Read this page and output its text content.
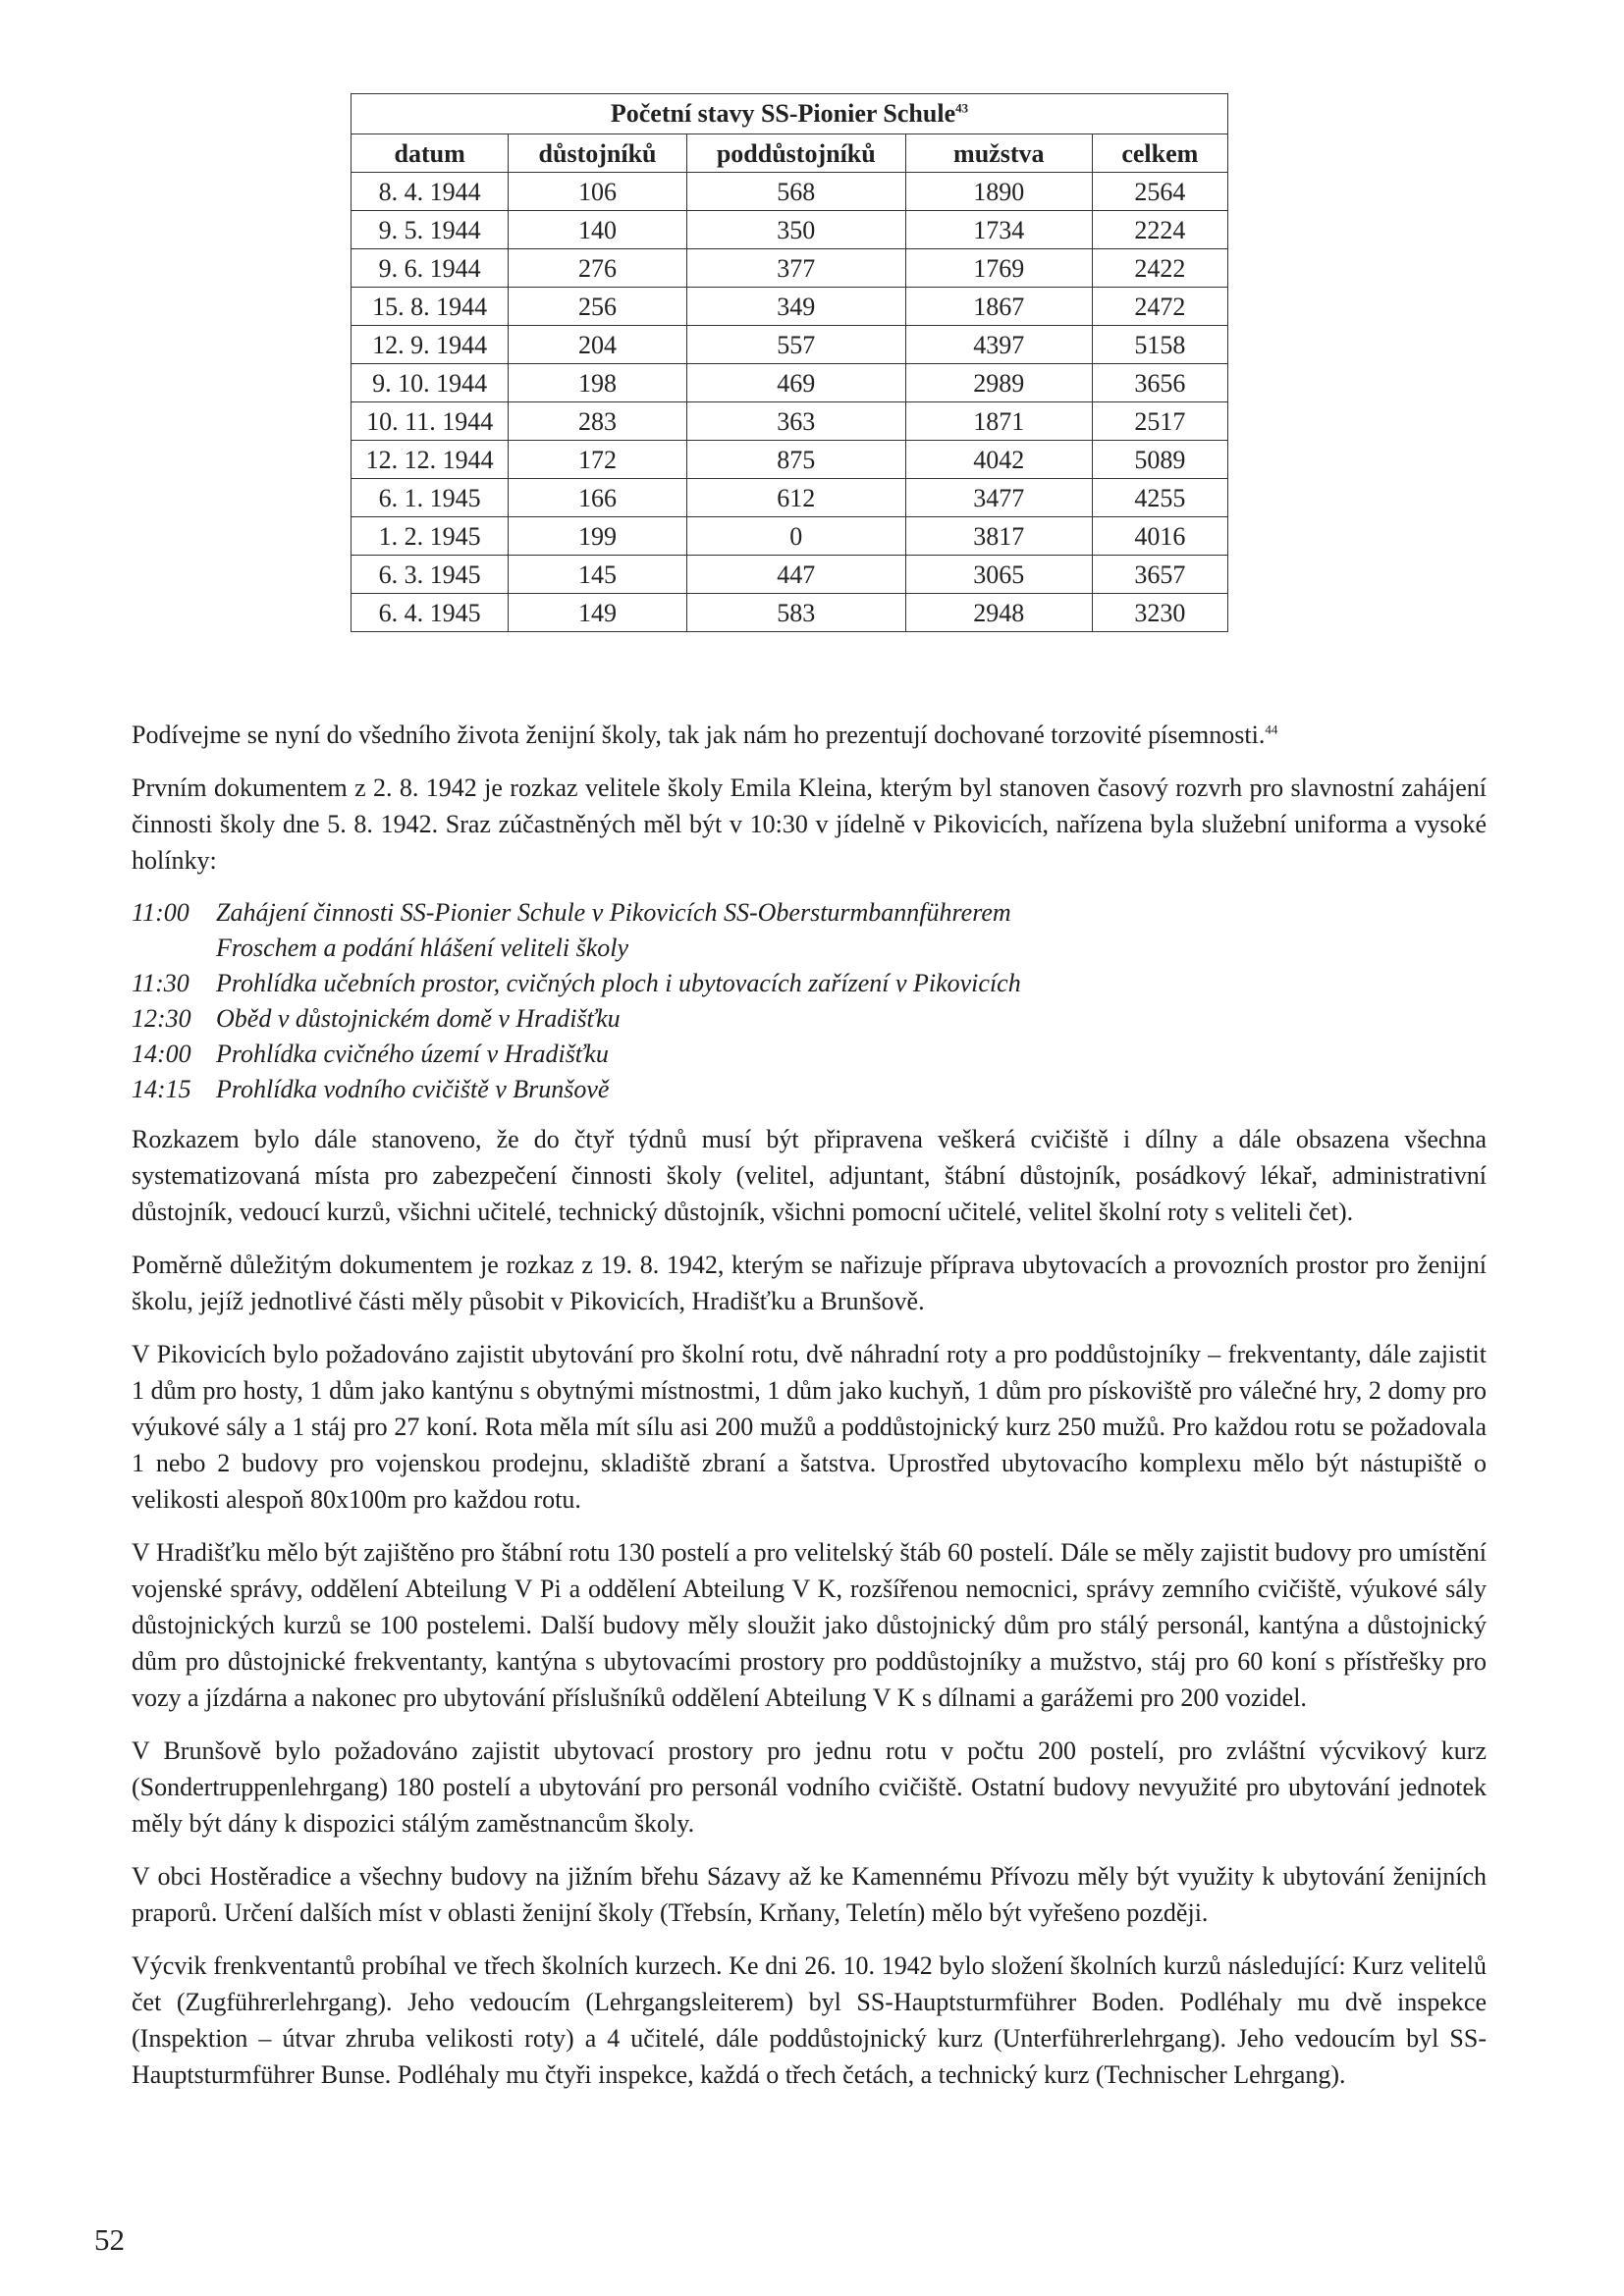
Početní stavy SS-Pionier Schule$^{43}$
datum	důstojníků	poddůstojníků	mužstva	celkem
8. 4. 1944	106	568	1890	2564
9. 5. 1944	140	350	1734	2224
9. 6. 1944	276	377	1769	2422
15. 8. 1944	256	349	1867	2472
12. 9. 1944	204	557	4397	5158
9. 10. 1944	198	469	2989	3656
10. 11. 1944	283	363	1871	2517
12. 12. 1944	172	875	4042	5089
6. 1. 1945	166	612	3477	4255
1. 2. 1945	199	0	3817	4016
6. 3. 1945	145	447	3065	3657
6. 4. 1945	149	583	2948	3230

Podívejme se nyní do všedního života ženijní školy, tak jak nám ho prezentují dochované torzovité písemnosti.$^{44}$

Prvním dokumentem z 2. 8. 1942 je rozkaz velitele školy Emila Kleina, kterým byl stanoven časový rozvrh pro slavnostní zahájení činnosti školy dne 5. 8. 1942. Sraz zúčastněných měl být v 10:30 v jídelně v Pikovicích, nařízena byla služební uniforma a vysoké holínky:

11:00	Zahájení činnosti SS-Pionier Schule v Pikovicích SS-Obersturmbannführerem
Froschem a podání hlášení veliteli školy
11:30	Prohlídka učebních prostor, cvičných ploch i ubytovacích zařízení v Pikovicích
12:30 Oběd v důstojnickém domě v Hradišťku
14:00 Prohlídka cvičného území v Hradišťku
14:15 Prohlídka vodního cvičiště v Brunšově

Rozkazem bylo dále stanoveno, že do čtyř týdnů musí být připravena veškerá cvičiště i dílny a dále obsazena všechna systematizovaná místa pro zabezpečení činnosti školy (velitel, adjuntant, štábní důstojník, posádkový lékař, administrativní důstojník, vedoucí kurzů, všichni učitelé, technický důstojník, všichni pomocní učitelé, velitel školní roty s veliteli čet).

Poměrně důležitým dokumentem je rozkaz z 19. 8. 1942, kterým se nařizuje příprava ubytovacích a provozních prostor pro ženijní školu, jejíž jednotlivé části měly působit v Pikovicích, Hradišťku a Brunšově.

V Pikovicích bylo požadováno zajistit ubytování pro školní rotu, dvě náhradní roty a pro poddůstojníky – frekventanty, dále zajistit 1 dům pro hosty, 1 dům jako kantýnu s obytnými místnostmi, 1 dům jako kuchyň, 1 dům pro pískoviště pro válečné hry, 2 domy pro výukové sály a 1 stáj pro 27 koní. Rota měla mít sílu asi 200 mužů a poddůstojnický kurz 250 mužů. Pro každou rotu se požadovala 1 nebo 2 budovy pro vojenskou prodejnu, skladiště zbraní a šatstva. Uprostřed ubytovacího komplexu mělo být nástupiště o velikosti alespoň 80x100m pro každou rotu.

V Hradišťku mělo být zajištěno pro štábní rotu 130 postelí a pro velitelský štáb 60 postelí. Dále se měly zajistit budovy pro umístění vojenské správy, oddělení Abteilung V Pi a oddělení Abteilung V K, rozšířenou nemocnici, správy zemního cvičiště, výukové sály důstojnických kurzů se 100 postelemi. Další budovy měly sloužit jako důstojnický dům pro stálý personál, kantýna a důstojnický dům pro důstojnické frekventanty, kantýna s ubytovacími prostory pro poddůstojníky a mužstvo, stáj pro 60 koní s přístřešky pro vozy a jízdárna a nakonec pro ubytování příslušníků oddělení Abteilung V K s dílnami a garážemi pro 200 vozidel.

V Brunšově bylo požadováno zajistit ubytovací prostory pro jednu rotu v počtu 200 postelí, pro zvláštní výcvikový kurz (Sondertruppenlehrgang) 180 postelí a ubytování pro personál vodního cvičiště. Ostatní budovy nevyužité pro ubytování jednotek měly být dány k dispozici stálým zaměstnancům školy.

V obci Hostěradice a všechny budovy na jižním břehu Sázavy až ke Kamennému Přívozu měly být využity k ubytování ženijních praporů. Určení dalších míst v oblasti ženijní školy (Třebsín, Krňany, Teletín) mělo být vyřešeno později.

Výcvik frenkventantů probíhal ve třech školních kurzech. Ke dni 26. 10. 1942 bylo složení školních kurzů následující: Kurz velitelů čet (Zugführerlehrgang). Jeho vedoucím (Lehrgangsleiterem) byl SS-Hauptsturmführer Boden. Podléhaly mu dvě inspekce (Inspektion – útvar zhruba velikosti roty) a 4 učitelé, dále poddůstojnický kurz (Unterführerlehrgang). Jeho vedoucím byl SS-Hauptsturmführer Bunse. Podléhaly mu čtyři inspekce, každá o třech četách, a technický kurz (Technischer Lehrgang).

52
